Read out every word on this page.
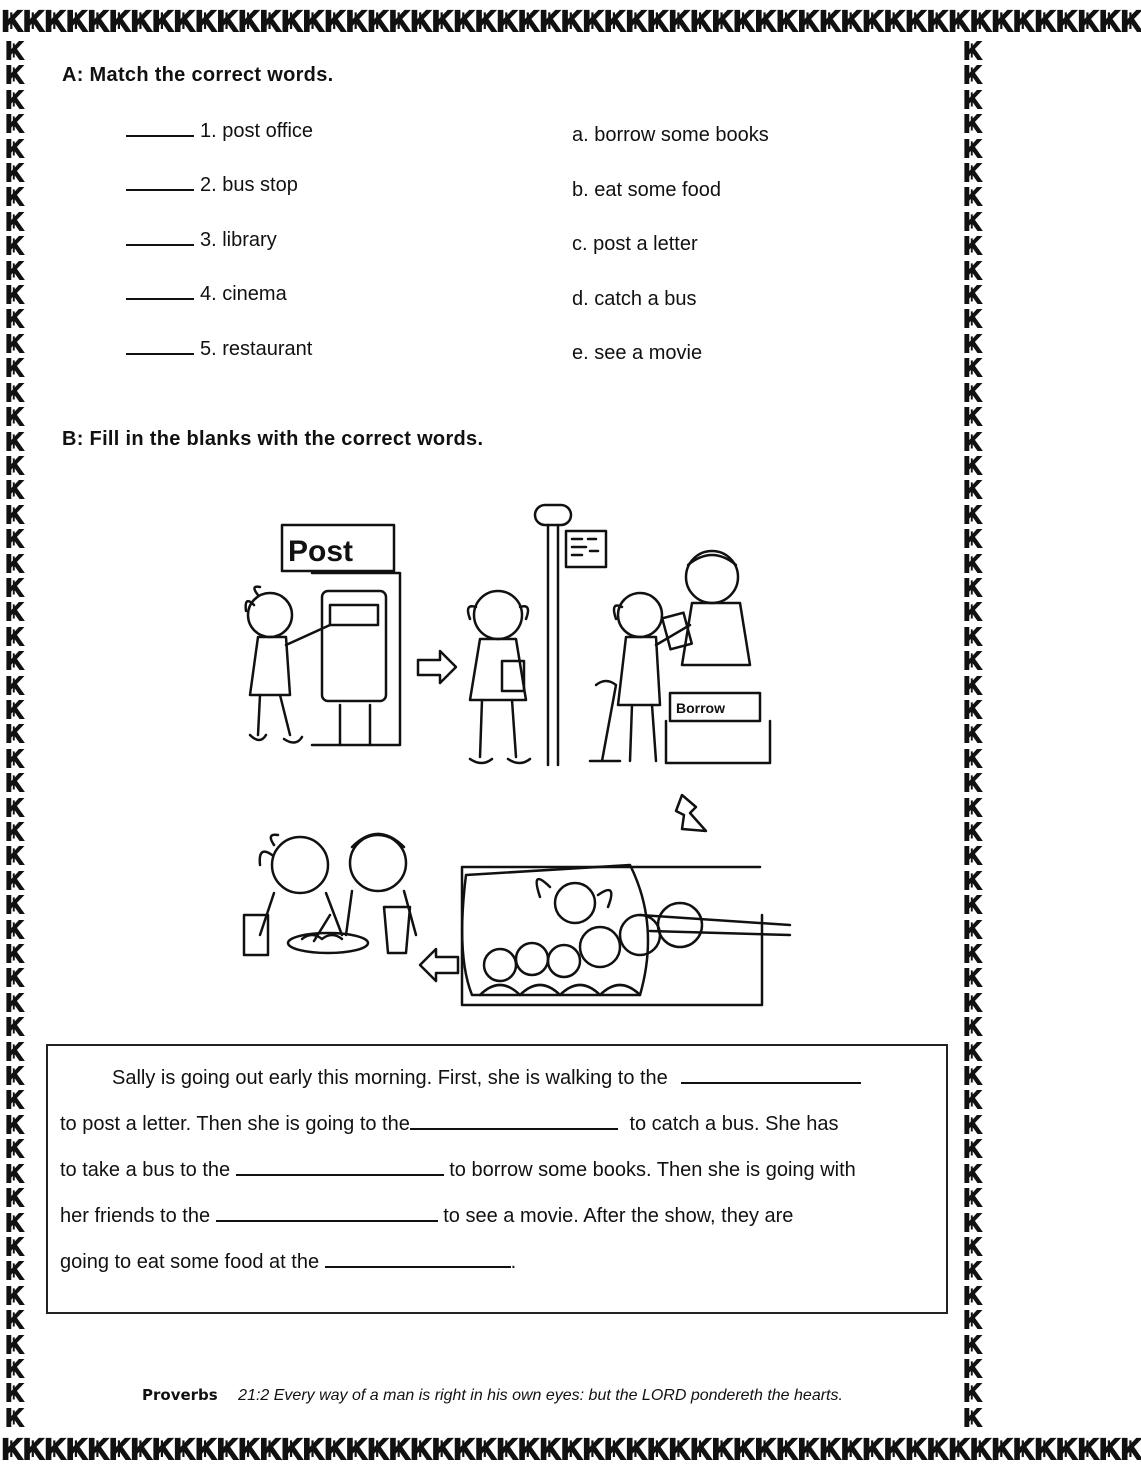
ҜҜҜҜҜҜҜҜҜҜҜҜҜҜҜҜҜҜҜҜҜҜҜҜҜҜҜҜҜҜҜҜҜҜҜҜҜҜҜҜҜҜҜҜҜҜҜҜҜҜҜҜҜ
ҜҜҜҜҜҜҜҜҜҜҜҜҜҜҜҜҜҜҜҜҜҜҜҜҜҜҜҜҜҜҜҜҜҜҜҜҜҜҜҜҜҜҜҜҜҜҜҜҜҜҜҜҜ
ҜҜҜҜҜҜҜҜҜҜҜҜҜҜҜҜҜҜҜҜҜҜҜҜҜҜҜҜҜҜҜҜҜҜҜҜҜҜҜҜҜҜҜҜҜҜҜҜҜҜҜҜҜҜҜҜҜ
ҜҜҜҜҜҜҜҜҜҜҜҜҜҜҜҜҜҜҜҜҜҜҜҜҜҜҜҜҜҜҜҜҜҜҜҜҜҜҜҜҜҜҜҜҜҜҜҜҜҜҜҜҜҜҜҜҜ
A: Match the correct words.
1. post office
2. bus stop
3. library
4. cinema
5. restaurant
a. borrow some books
b. eat some food
c. post a letter
d. catch a bus
e. see a movie
B: Fill in the blanks with the correct words.
Post
Borrow
Sally is going out early this morning. First, she is walking to the
to post a letter. Then she is going to the	to catch a bus. She has
to take a bus to the	to borrow some books. Then she is going with
her friends to the	to see a movie. After the show, they are
going to eat some food at the	.
Proverbs 21:2 Every way of a man is right in his own eyes: but the LORD pondereth the hearts.
